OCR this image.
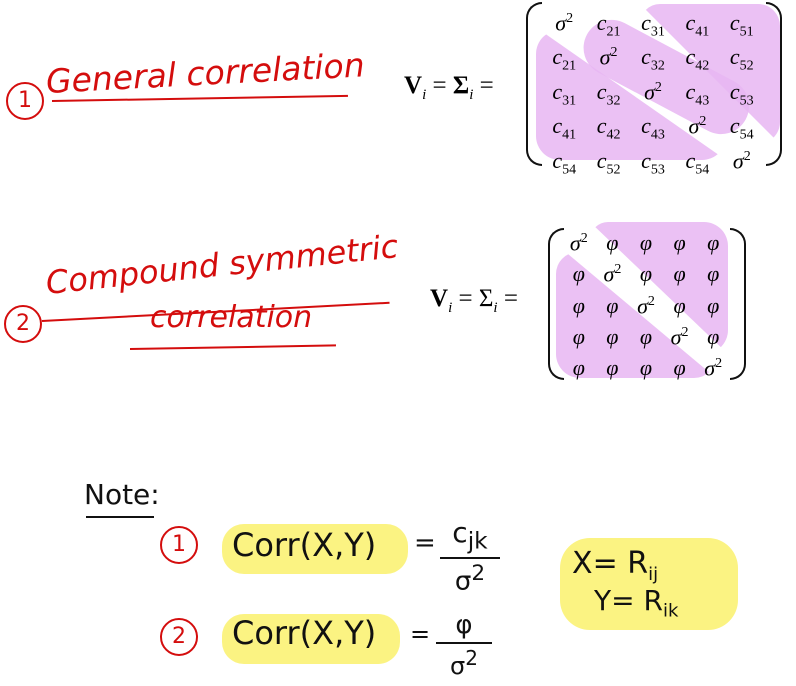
1 General correlation $V_i = \Sigma_i$ =
$\sigma^2$	$c_{21}$ $c_{31}$ $c_{41}$ $c_{51}$
$c_{21}$	$\sigma^2$	$c_{32}$ $c_{42}$ $c_{52}$
$c_{31}$ $c_{32}$	$\sigma^2$	$c_{43}$ $c_{53}$
$c_{41}$ $c_{42}$ $c_{43}$	$\sigma^2$	$c_{54}$
$c_{54}$ $c_{52}$ $c_{53}$ $c_{54}$	$\sigma^2$
2
Compound symmetric
correlation
$V_i = \Sigma_i$ =
$\sigma^2$ φ φ φ φ
φ $\sigma^2$ φ φ φ
φ φ $\sigma^2$ φ φ
φ φ φ $\sigma^2$ φ
φ φ φ φ $\sigma^2$
Note:
1 Corr(X,Y) = $c_{jk}$
$\sigma^2$
2 Corr(X,Y) = φ
$\sigma^2$
$X= R_{ij}$
$Y= R_{ik}$
